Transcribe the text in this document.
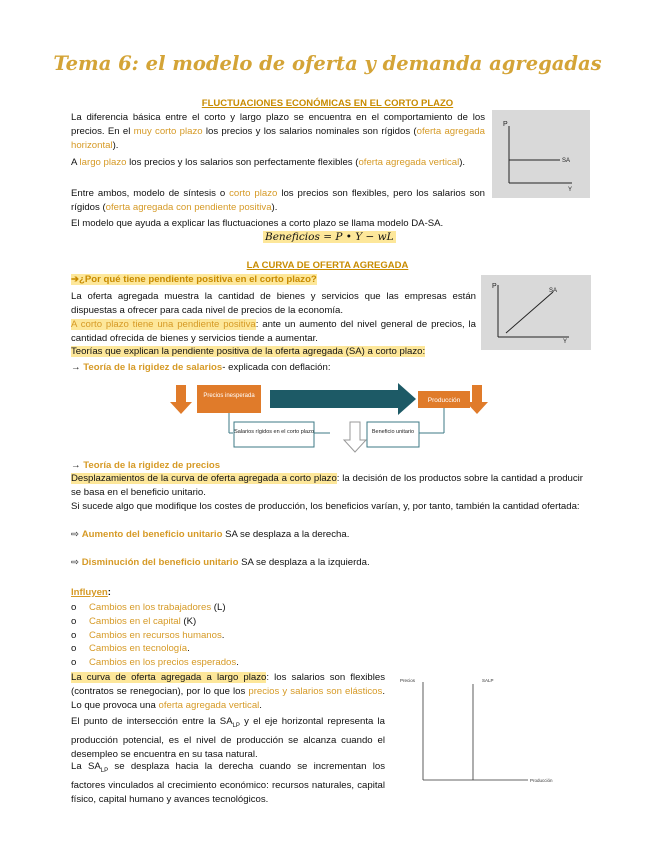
Tema 6: el modelo de oferta y demanda agregadas
FLUCTUACIONES ECONÓMICAS EN EL CORTO PLAZO
La diferencia básica entre el corto y largo plazo se encuentra en el comportamiento de los precios. En el muy corto plazo los precios y los salarios nominales son rígidos (oferta agregada horizontal).
A largo plazo los precios y los salarios son perfectamente flexibles (oferta agregada vertical).
Entre ambos, modelo de síntesis o corto plazo los precios son flexibles, pero los salarios son rígidos (oferta agregada con pendiente positiva).
El modelo que ayuda a explicar las fluctuaciones a corto plazo se llama modelo DA-SA.
Beneficios = P • Y − wL
P
SA
Y
LA CURVA DE OFERTA AGREGADA
➔¿Por qué tiene pendiente positiva en el corto plazo?
La oferta agregada muestra la cantidad de bienes y servicios que las empresas están dispuestas a ofrecer para cada nivel de precios de la economía.
A corto plazo tiene una pendiente positiva: ante un aumento del nivel general de precios, la cantidad ofrecida de bienes y servicios tiende a aumentar.
Teorías que explican la pendiente positiva de la oferta agregada (SA) a corto plazo:
→ Teoría de la rigidez de salarios- explicada con deflación:
P
SA
Y
Precios inesperada
Producción
Salarios rígidos en el corto plazo	Beneficio unitario
→ Teoría de la rigidez de precios
Desplazamientos de la curva de oferta agregada a corto plazo: la decisión de los productos sobre la cantidad a producir se basa en el beneficio unitario.
Si sucede algo que modifique los costes de producción, los beneficios varían, y, por tanto, también la cantidad ofertada:
⇨ Aumento del beneficio unitario SA se desplaza a la derecha.
⇨ Disminución del beneficio unitario SA se desplaza a la izquierda.
Influyen:
o Cambios en los trabajadores (L)
o Cambios en el capital (K)
o Cambios en recursos humanos.
o Cambios en tecnología.
o Cambios en los precios esperados.
La curva de oferta agregada a largo plazo: los salarios son flexibles (contratos se renegocian), por lo que los precios y salarios son elásticos. Lo que provoca una oferta agregada vertical.
El punto de intersección entre la $SA_{LP}$ y el eje horizontal representa la producción potencial, es el nivel de producción se alcanza cuando el desempleo se encuentra en su tasa natural.
La $SA_{LP}$ se desplaza hacia la derecha cuando se incrementan los factores vinculados al crecimiento económico: recursos naturales, capital físico, capital humano y avances tecnológicos.
Precios	SALP
Producción
